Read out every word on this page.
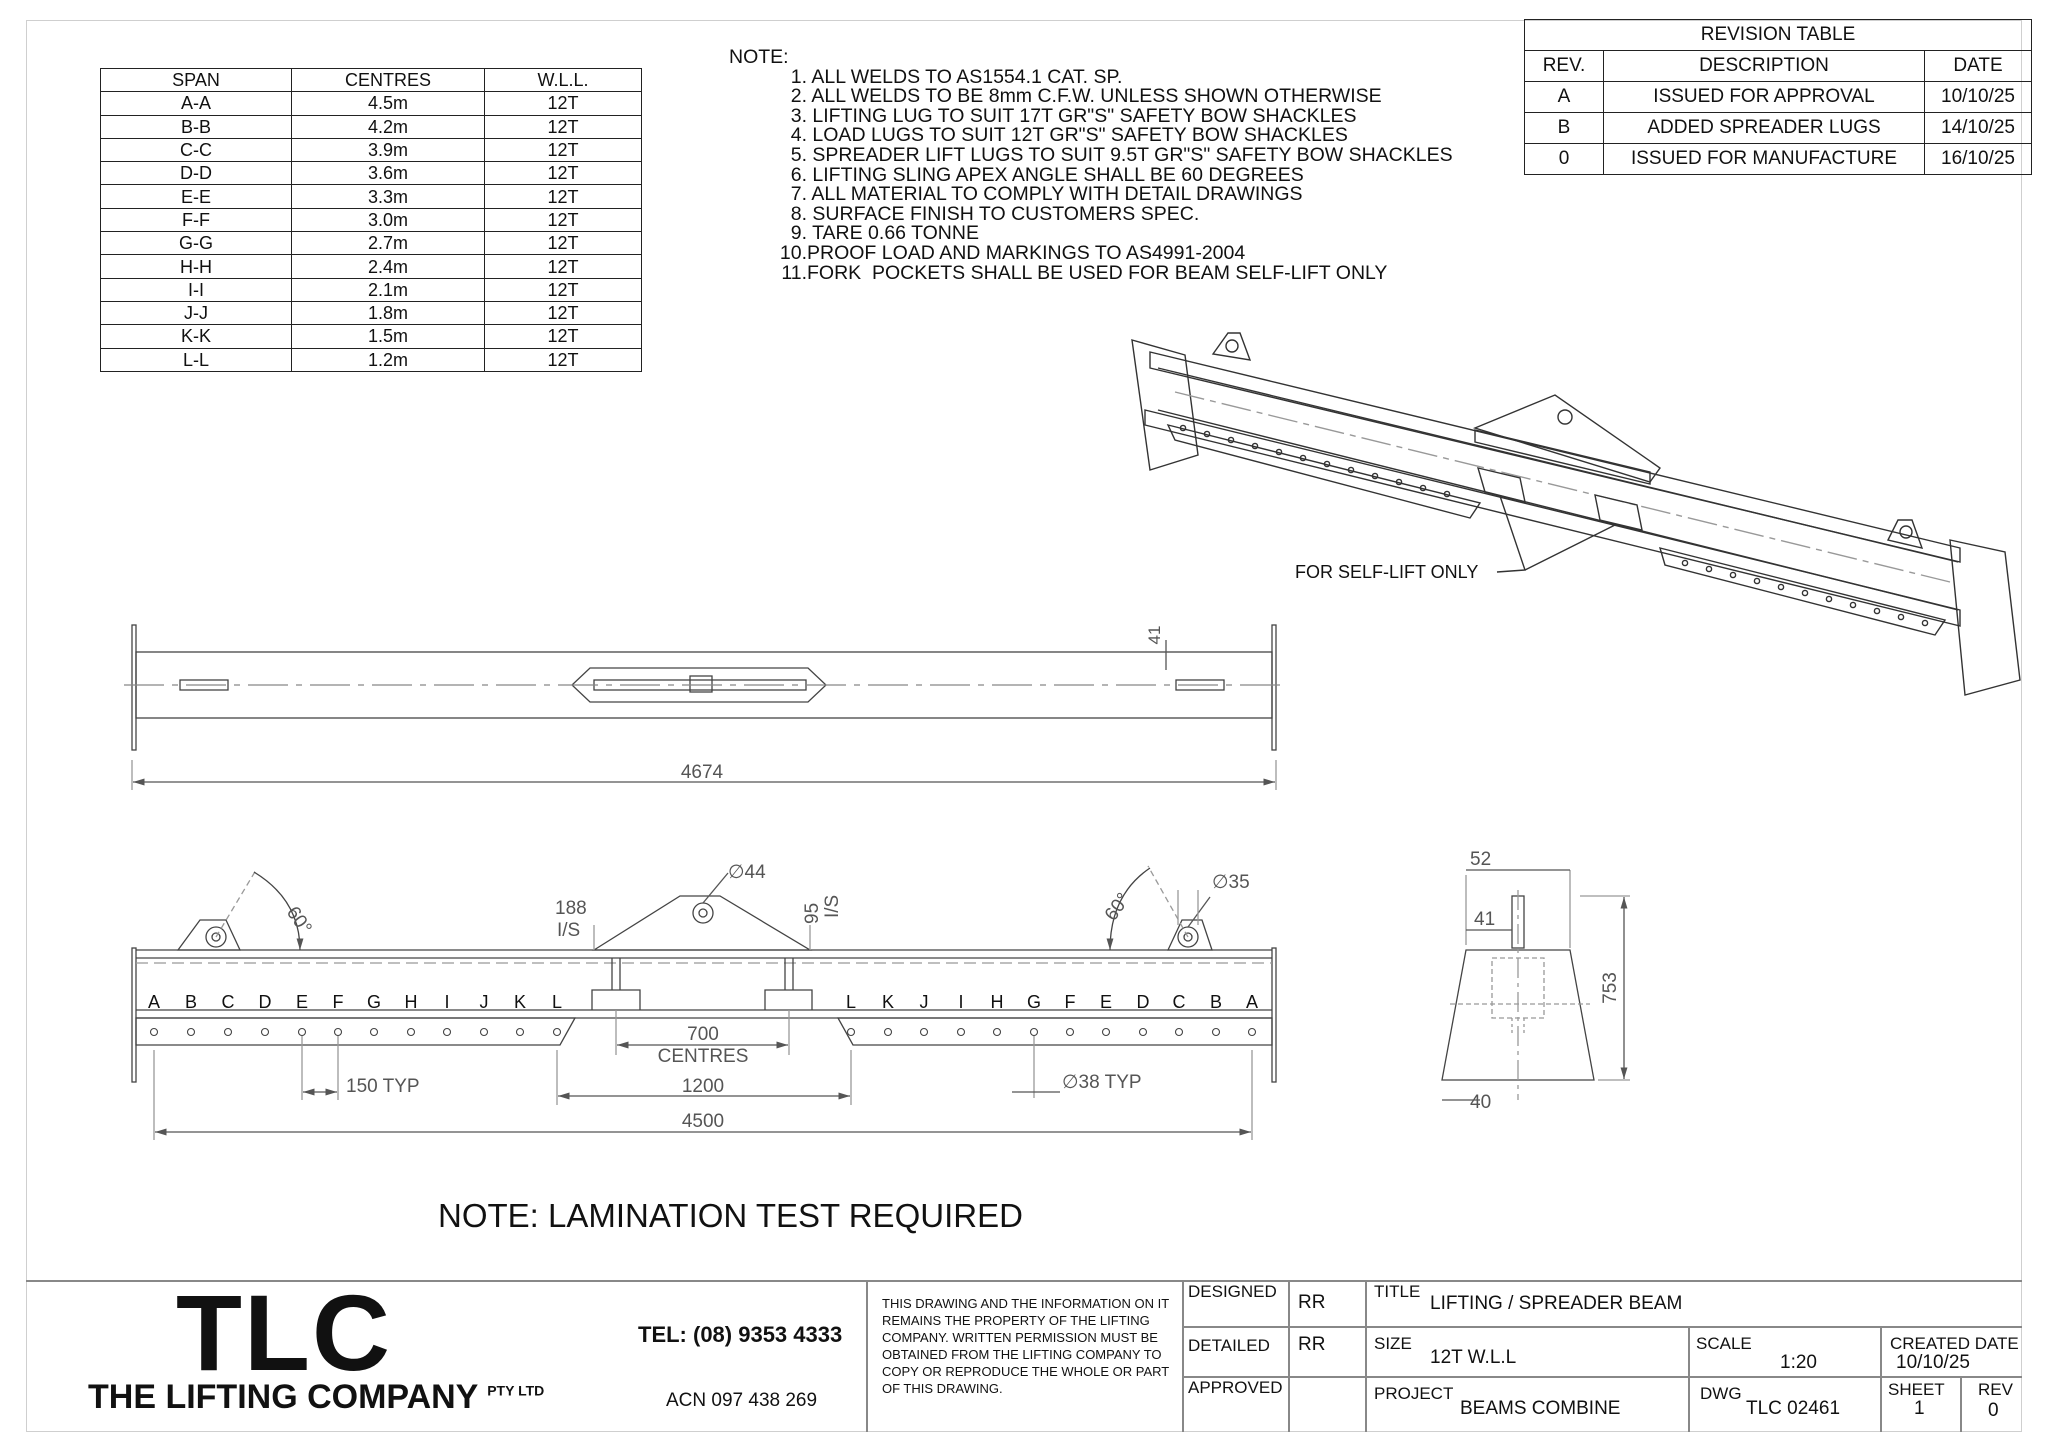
SPAN	CENTRES	W.L.L.
A-A	4.5m	12T
B-B	4.2m	12T
C-C	3.9m	12T
D-D	3.6m	12T
E-E	3.3m	12T
F-F	3.0m	12T
G-G	2.7m	12T
H-H	2.4m	12T
I-I	2.1m	12T
J-J	1.8m	12T
K-K	1.5m	12T
L-L	1.2m	12T
NOTE:
1. ALL WELDS TO AS1554.1 CAT. SP.
2. ALL WELDS TO BE 8mm C.F.W. UNLESS SHOWN OTHERWISE
3. LIFTING LUG TO SUIT 17T GR"S" SAFETY BOW SHACKLES
4. LOAD LUGS TO SUIT 12T GR"S" SAFETY BOW SHACKLES
5. SPREADER LIFT LUGS TO SUIT 9.5T GR"S" SAFETY BOW SHACKLES
6. LIFTING SLING APEX ANGLE SHALL BE 60 DEGREES
7. ALL MATERIAL TO COMPLY WITH DETAIL DRAWINGS
8. SURFACE FINISH TO CUSTOMERS SPEC.
9. TARE 0.66 TONNE
10.PROOF LOAD AND MARKINGS TO AS4991-2004
11.FORK  POCKETS SHALL BE USED FOR BEAM SELF-LIFT ONLY
REVISION TABLE		
REV.	DESCRIPTION	DATE
A	ISSUED FOR APPROVAL	10/10/25
B	ADDED SPREADER LUGS	14/10/25
0	ISSUED FOR MANUFACTURE	16/10/25
FOR SELF-LIFT ONLY
4674
41
A B C D E F G H I J K L	L K J I H G F E D C B A
60°	60°
∅44	∅35
188
I/S
95 I/S
700
CENTRES
150 TYP	1200	∅38 TYP
4500
52
41
40
753
NOTE: LAMINATION TEST REQUIRED
TLC
THE LIFTING COMPANY $^{PTY LTD}$
TEL: (08) 9353 4333
ACN 097 438 269
THIS DRAWING AND THE INFORMATION ON IT REMAINS THE PROPERTY OF THE LIFTING COMPANY. WRITTEN PERMISSION MUST BE OBTAINED FROM THE LIFTING COMPANY TO COPY OR REPRODUCE THE WHOLE OR PART OF THIS DRAWING.
DESIGNED
RR
DETAILED RR
APPROVED
TITLE
LIFTING / SPREADER BEAM
SIZE
12T W.L.L
SCALE
1:20
CREATED DATE
10/10/25
PROJECT
BEAMS COMBINE
DWG
TLC 02461
SHEET
1
REV
0
